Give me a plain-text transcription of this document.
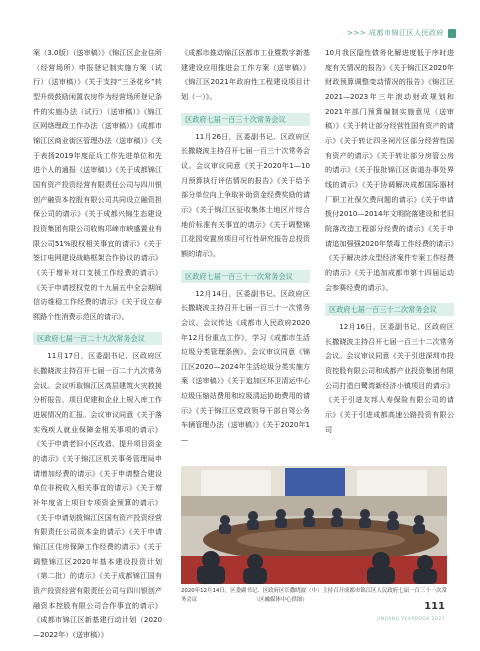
>>> 成都市锦江区人民政府

案（3.0版）（送审稿）》《锦江区企业住所（经营场所）申报登记制实施方案（试行）（送审稿）》《关于支持“三圣花乡”转型升级鼓励闲置农房作为经营场所登记条件的实施办法（试行）（送审稿）》《锦江区网络理政工作办法（送审稿）》《成都市锦江区商业街区管理办法（送审稿）》《关于表扬2019年度征兵工作先进单位和先进个人的通报（送审稿）》《关于成都锦江国有资产投资经营有限责任公司与四川银创产融资本控股有限公司共同设立融资担保公司的请示》《关于成都兴锦生态建设投资集团有限公司收购邛崃市峡盛置业有限公司51%股权相关事宜的请示》《关于签订电网建设战略框架合作协议的请示》《关于增补对口支援工作经费的请示》《关于申请授权党的十九届五中全会期间信访维稳工作经费的请示》《关于设立春熙路个性消费示范区的请示》。

区政府七届一百二十九次常务会议

11月17日，区委副书记、区政府区长撒晓波主持召开七届一百二十九次常务会议。会议听取锦江区高层建筑火灾救援分析报告、项目促建和企业上规入库工作进展情况的汇报。会议审议同意《关于落实残疾人就业保障金相关事项的请示》《关于申请老旧小区改造、提升项目资金的请示》《关于锦江区机关事务管理局申请增加经费的请示》《关于申请整合建设单位非税收入相关事宜的请示》《关于增补年度省上项目专项资金预算的请示》《关于申请划拨锦江区国有资产投资经营有限责任公司资本金的请示》《关于申请锦江区住房保障工作经费的请示》《关于调整锦江区2020年基本建设投资计划（第二批）的请示》《关于成都锦江国有资产投资经营有限责任公司与四川银创产融资本控股有限公司合作事宜的请示》《成都市锦江区新基建行动计划（2020—2022年）（送审稿）》

《成都市推动锦江区都市工业暨数字新基建建设应用推进会工作方案（送审稿）》《锦江区2021年政府性工程建设项目计划（一）》。

区政府七届一百三十次常务会议

11月26日，区委副书记、区政府区长撒晓波主持召开七届一百三十次常务会议。会议审议同意《关于2020年1—10月预算执行评估情况的报告》《关于给予部分单位向上争取补助资金经费奖励的请示》《关于锦江区征收集体土地区片综合地价标准有关事宜的请示》《关于调整锦江花园安置房项目可行性研究报告总投资额的请示》。

区政府七届一百三十一次常务会议

12月14日，区委副书记、区政府区长撒晓波主持召开七届一百三十一次常务会议。会议传达《成都市人民政府2020年12月份重点工作》，学习《成都市生活垃圾分类管理条例》。会议审议同意《锦江区2020—2024年生活垃圾分类实施方案（送审稿）》《关于追加区环卫清运中心垃圾压缩站费用和垃圾清运协助费用的请示》《关于锦江区党政领导干部自驾公务车辆管理办法（送审稿）》《关于2020年1—

10月我区隐性债务化解进度低于序时进度有关情况的报告》《关于锦江区2020年财政预算调整变动情况的报告》《锦江区2021—2023年三年滚动财政规划和2021年部门预算编制实施意见（送审稿）》《关于转让部分经营性国有资产的请示》《关于转让四圣祠片区部分经营性国有资产的请示》《关于转让部分房管公房的请示》《关于报批锦江区街道办事处界线的请示》《关于协调解决成都国际器材厂职工社保欠费问题的请示》《关于申请拨付2010—2014年文明院落建设和老旧院落改造工程部分经费的请示》《关于申请追加强强2020年禁毒工作经费的请示》《关于解决涉众型经济案件专案工作经费的请示》《关于追加成都市第十四届运动会参赛经费的请示》。

区政府七届一百三十二次常务会议

12月16日，区委副书记、区政府区长撒晓波主持召开七届一百三十二次常务会议。会议审议同意《关于引进深圳市投资控股有限公司和成都产业投资集团有限公司打造白鹭湾新经济小镇项目的请示》《关于引进友邦人寿保险有限公司的请示》《关于引进成都高速公路投资有限公司

2020年12月14日，区委副书记、区政府区长撒晓波（中）主持召开成都市锦江区人民政府七届一百三十一次常务会议　　　　　　　　　　　（区融媒体中心供图）
111
JINJIANG YEARBOOK 2021
